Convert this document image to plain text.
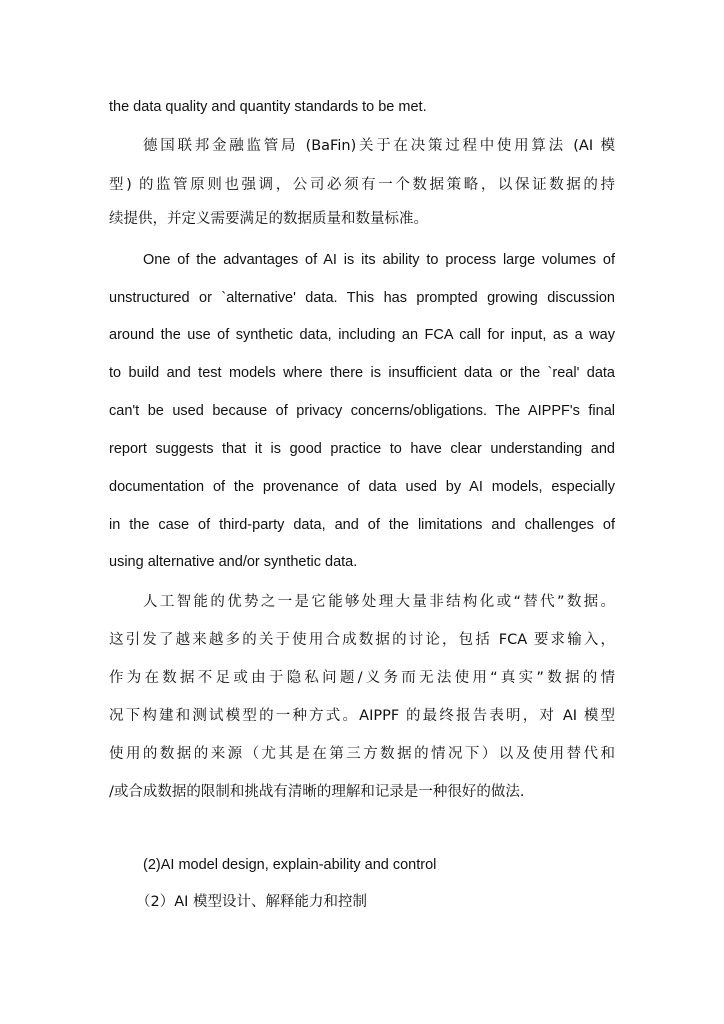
the data quality and quantity standards to be met.
德国联邦金融监管局 (BaFin)关于在决策过程中使用算法 (AI 模
型) 的监管原则也强调，公司必须有一个数据策略，以保证数据的持
续提供，并定义需要满足的数据质量和数量标准。
One of the advantages of AI is its ability to process large volumes of
unstructured or `alternative' data. This has prompted growing discussion
around the use of synthetic data, including an FCA call for input, as a way
to build and test models where there is insufficient data or the `real' data
can't be used because of privacy concerns/obligations. The AIPPF's final
report suggests that it is good practice to have clear understanding and
documentation of the provenance of data used by AI models, especially
in the case of third-party data, and of the limitations and challenges of
using alternative and/or synthetic data.
人工智能的优势之一是它能够处理大量非结构化或“替代”数据。
这引发了越来越多的关于使用合成数据的讨论，包括 FCA 要求输入，
作为在数据不足或由于隐私问题/义务而无法使用“真实”数据的情
况下构建和测试模型的一种方式。AIPPF 的最终报告表明，对 AI 模型
使用的数据的来源（尤其是在第三方数据的情况下）以及使用替代和
/或合成数据的限制和挑战有清晰的理解和记录是一种很好的做法.
(2)AI model design, explain-ability and control
（2）AI 模型设计、解释能力和控制
